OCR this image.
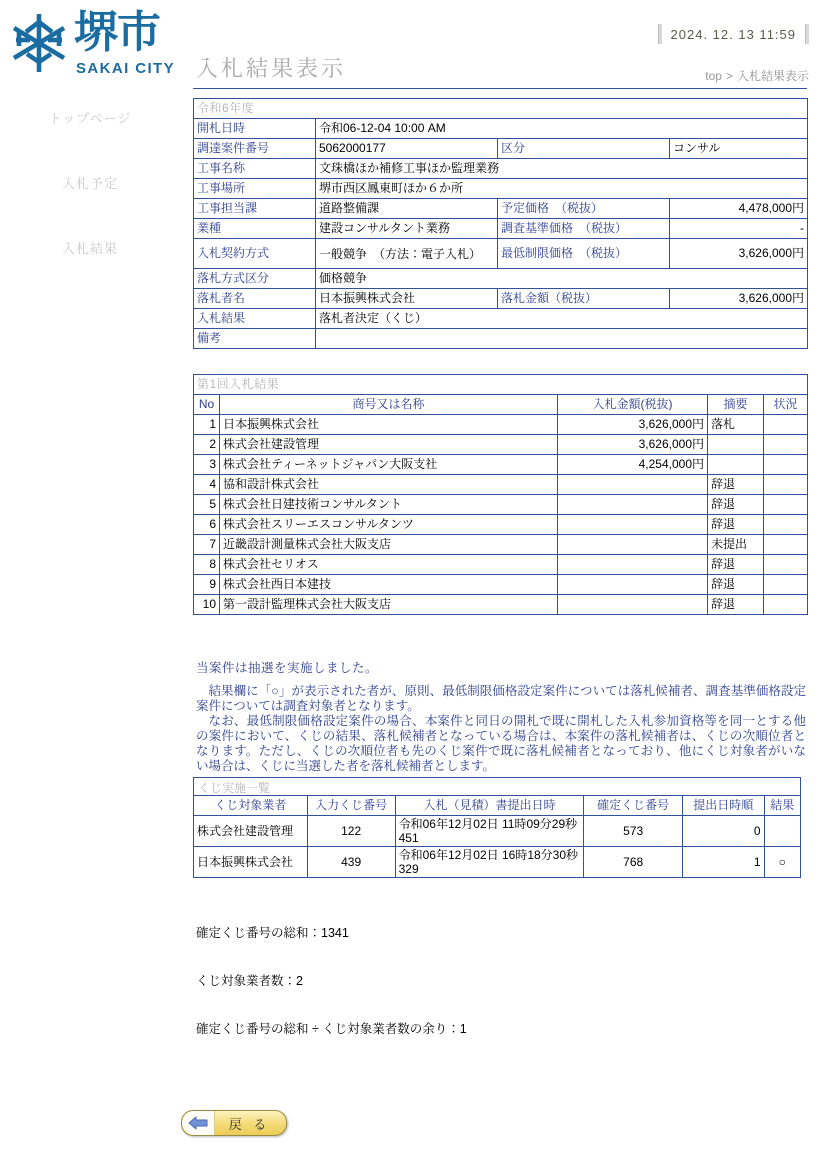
堺市
SAKAI CITY 入札結果表示
2024. 12. 13 11:59
top > 入札結果表示
トップページ
入札予定
入札結果
令和6年度			
開札日時	令和06-12-04 10:00 AM		
調達案件番号	5062000177	区分	コンサル
工事名称	文珠橋ほか補修工事ほか監理業務		
工事場所	堺市西区鳳東町ほか６か所		
工事担当課	道路整備課	予定価格　（税抜）	4,478,000円
業種	建設コンサルタント業務	調査基準価格　（税抜）	-
入札契約方式	一般競争　（方法：電子入札）	最低制限価格　（税抜）	3,626,000円
落札方式区分	価格競争		
落札者名	日本振興株式会社	落札金額（税抜）	3,626,000円
入札結果	落札者決定（くじ）		
備考			
第1回入札結果				
No	商号又は名称	入札金額(税抜)	摘要	状況
1	日本振興株式会社	3,626,000円	落札	
2	株式会社建設管理	3,626,000円		
3	株式会社ティーネットジャパン大阪支社	4,254,000円		
4	協和設計株式会社		辞退	
5	株式会社日建技術コンサルタント		辞退	
6	株式会社スリーエスコンサルタンツ		辞退	
7	近畿設計測量株式会社大阪支店		未提出	
8	株式会社セリオス		辞退	
9	株式会社西日本建技		辞退	
10	第一設計監理株式会社大阪支店		辞退	
当案件は抽選を実施しました。

結果欄に「○」が表示された者が、原則、最低制限価格設定案件については落札候補者、調査基準価格設定案件については調査対象者となります。

なお、最低制限価格設定案件の場合、本案件と同日の開札で既に開札した入札参加資格等を同一とする他の案件において、くじの結果、落札候補者となっている場合は、本案件の落札候補者は、くじの次順位者となります。ただし、くじの次順位者も先のくじ案件で既に落札候補者となっており、他にくじ対象者がいない場合は、くじに当選した者を落札候補者とします。

くじ実施一覧
くじ対象業者	入力くじ番号	入札（見積）書提出日時	確定くじ番号	提出日時順	結果
株式会社建設管理	122	令和06年12月02日 11時09分29秒 451	573	0	
日本振興株式会社	439	令和06年12月02日 16時18分30秒 329	768	1	○

確定くじ番号の総和：1341

くじ対象業者数：2

確定くじ番号の総和 ÷ くじ対象業者数の余り：1

戻 る
